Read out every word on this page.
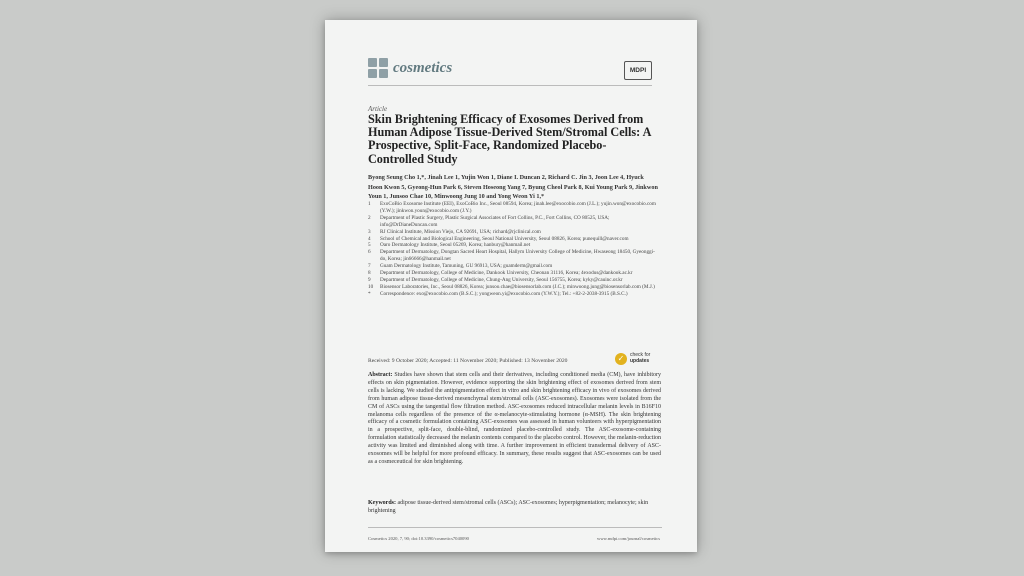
cosmetics	MDPI
Article
Skin Brightening Efficacy of Exosomes Derived from Human Adipose Tissue-Derived Stem/Stromal Cells: A Prospective, Split-Face, Randomized Placebo-Controlled Study
Byong Seung Cho 1,*, Jinah Lee 1, Yujin Won 1, Diane I. Duncan 2, Richard C. Jin 3, Joon Lee 4, Hyuck Hoon Kwon 5, Gyeong-Hun Park 6, Steven Hoseong Yang 7, Byung Cheol Park 8, Kui Young Park 9, Jinkwon Youn 1, Junsoo Chae 10, Minwoong Jung 10 and Yong Weon Yi 1,*
1	ExoCoBio Exosome Institute (EEI), ExoCoBio Inc., Seoul 08594, Korea; jinah.lee@exocobio.com (J.L.); yujin.won@exocobio.com (Y.W.); jinkwon.youn@exocobio.com (J.Y.)
2	Department of Plastic Surgery, Plastic Surgical Associates of Fort Collins, P.C., Fort Collins, CO 80525, USA; info@DrDianeDuncan.com
3	RJ Clinical Institute, Mission Viejo, CA 92691, USA; richard@rjclinical.com
4	School of Chemical and Biological Engineering, Seoul National University, Seoul 08826, Korea; punequill@naver.com
5	Oaro Dermatology Institute, Seoul 05269, Korea; hanbury@hanmail.net
6	Department of Dermatology, Dongtan Sacred Heart Hospital, Hallym University College of Medicine, Hwaseong 18450, Gyeonggi-do, Korea; jin66666@hanmail.net
7	Guam Dermatology Institute, Tamuning, GU 96913, USA; guamderm@gmail.com
8	Department of Dermatology, College of Medicine, Dankook University, Cheonan 31116, Korea; 4exodus@dankook.ac.kr
9	Department of Dermatology, College of Medicine, Chung-Ang University, Seoul 156755, Korea; kyky@cauinc.or.kr
10	Biosensor Laboratories, Inc., Seoul 08826, Korea; junsoo.chae@biosensorlab.com (J.C.); minwoong.jung@biosensorlab.com (M.J.)
*	Correspondence: exo@exocobio.com (B.S.C.); yongweon.yi@exocobio.com (Y.W.Y.); Tel.: +82-2-2038-3915 (B.S.C.)
Received: 9 October 2020; Accepted: 11 November 2020; Published: 13 November 2020	✓	check for
updates
Abstract: Studies have shown that stem cells and their derivatives, including conditioned media (CM), have inhibitory effects on skin pigmentation. However, evidence supporting the skin brightening effect of exosomes derived from stem cells is lacking. We studied the antipigmentation effect in vitro and skin brightening efficacy in vivo of exosomes derived from human adipose tissue-derived mesenchymal stem/stromal cells (ASC-exosomes). Exosomes were isolated from the CM of ASCs using the tangential flow filtration method. ASC-exosomes reduced intracellular melanin levels in B16F10 melanoma cells regardless of the presence of the α-melanocyte-stimulating hormone (α-MSH). The skin brightening efficacy of a cosmetic formulation containing ASC-exosomes was assessed in human volunteers with hyperpigmentation in a prospective, split-face, double-blind, randomized placebo-controlled study. The ASC-exosome-containing formulation statistically decreased the melanin contents compared to the placebo control. However, the melanin-reduction activity was limited and diminished along with time. A further improvement in efficient transdermal delivery of ASC-exosomes will be helpful for more profound efficacy. In summary, these results suggest that ASC-exosomes can be used as a cosmeceutical for skin brightening.
Keywords: adipose tissue-derived stem/stromal cells (ASCs); ASC-exosomes; hyperpigmentation; melanocyte; skin brightening
Cosmetics 2020, 7, 90; doi:10.3390/cosmetics7040090	www.mdpi.com/journal/cosmetics
